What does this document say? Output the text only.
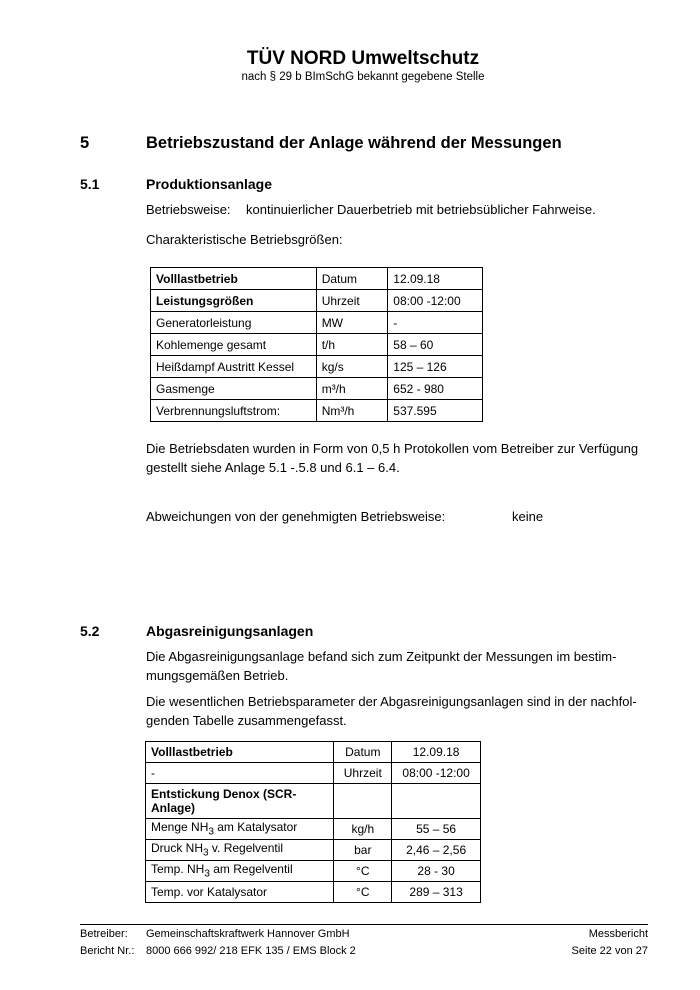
TÜV NORD Umweltschutz
nach § 29 b BImSchG bekannt gegebene Stelle
5	Betriebszustand der Anlage während der Messungen
5.1	Produktionsanlage
Betriebsweise: kontinuierlicher Dauerbetrieb mit betriebsüblicher Fahrweise.
Charakteristische Betriebsgrößen:
Volllastbetrieb	Datum	12.09.18
Leistungsgrößen	Uhrzeit	08:00 -12:00
Generatorleistung	MW	-
Kohlemenge gesamt	t/h	58 – 60
Heißdampf Austritt Kessel	kg/s	125 – 126
Gasmenge	m³/h	652 - 980
Verbrennungsluftstrom:	Nm³/h	537.595
Die Betriebsdaten wurden in Form von 0,5 h Protokollen vom Betreiber zur Verfügung
gestellt siehe Anlage 5.1 -.5.8 und 6.1 – 6.4.
Abweichungen von der genehmigten Betriebsweise:	keine
5.2	Abgasreinigungsanlagen
Die Abgasreinigungsanlage befand sich zum Zeitpunkt der Messungen im bestim-
mungsgemäßen Betrieb.
Die wesentlichen Betriebsparameter der Abgasreinigungsanlagen sind in der nachfol-
genden Tabelle zusammengefasst.
Volllastbetrieb	Datum	12.09.18
-	Uhrzeit	08:00 -12:00
Entstickung Denox (SCR-
Anlage)		
Menge $NH_3$ am Katalysator	kg/h	55 – 56
Druck $NH_3$ v. Regelventil	bar	2,46 – 2,56
Temp. $NH_3$ am Regelventil	°C	28 - 30
Temp. vor Katalysator	°C	289 – 313
Betreiber: Gemeinschaftskraftwerk Hannover GmbH	Messbericht
Bericht Nr.: 8000 666 992/ 218 EFK 135 / EMS Block 2	Seite 22 von 27
